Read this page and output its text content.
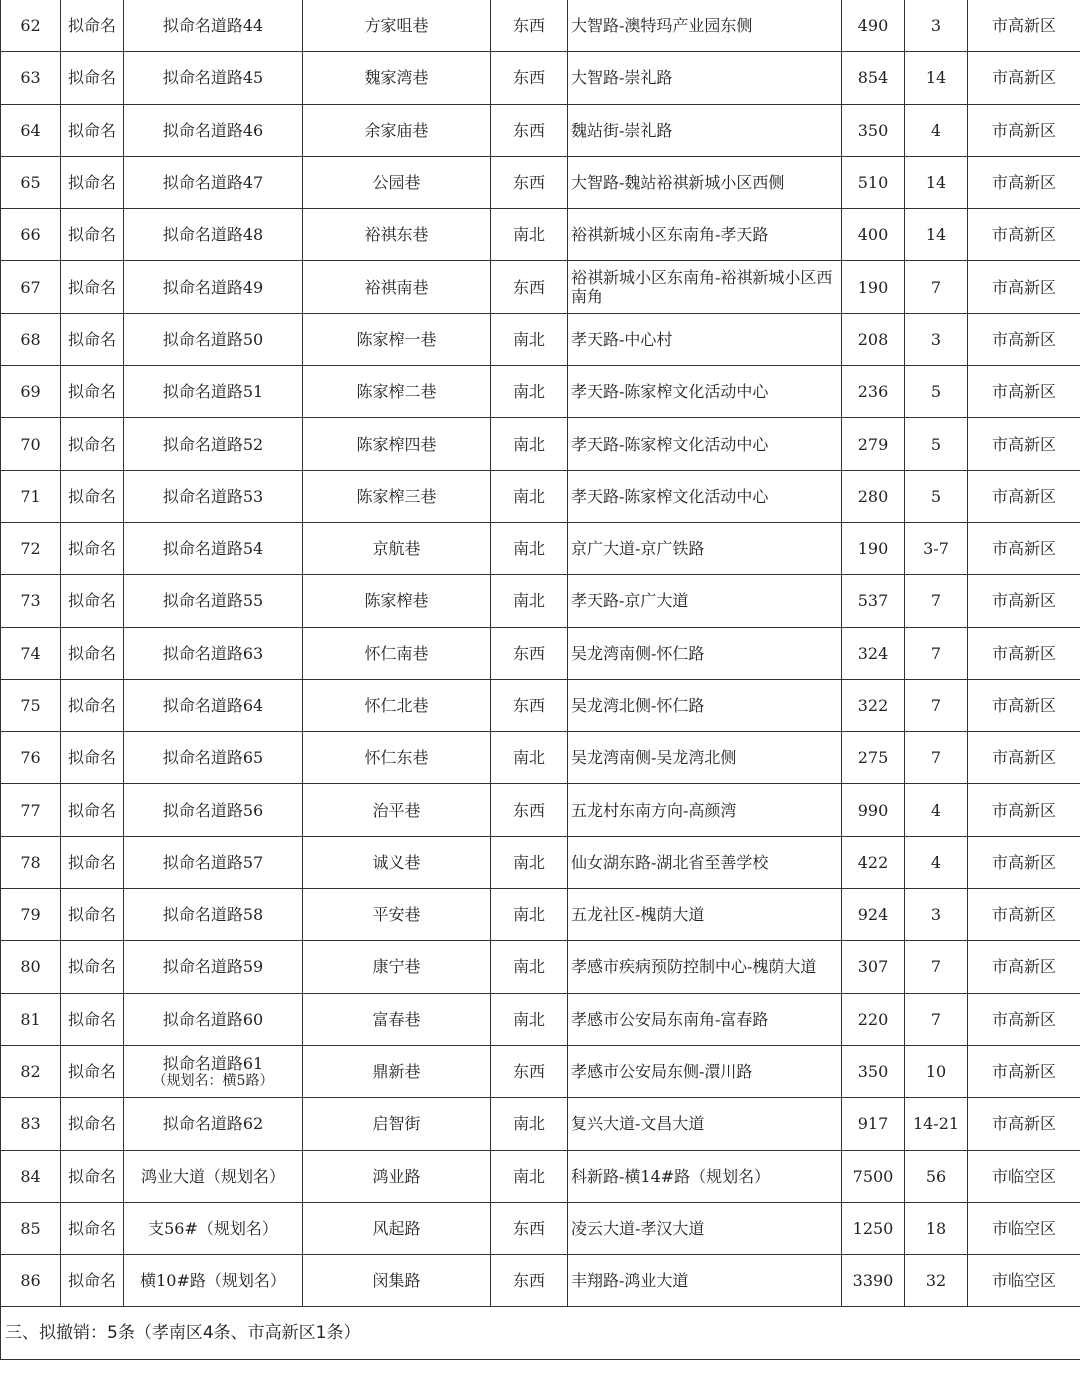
62	拟命名	拟命名道路44	方家咀巷	东西	大智路-澳特玛产业园东侧	490	3	市高新区
63	拟命名	拟命名道路45	魏家湾巷	东西	大智路-崇礼路	854	14	市高新区
64	拟命名	拟命名道路46	余家庙巷	东西	魏站街-崇礼路	350	4	市高新区
65	拟命名	拟命名道路47	公园巷	东西	大智路-魏站裕祺新城小区西侧	510	14	市高新区
66	拟命名	拟命名道路48	裕祺东巷	南北	裕祺新城小区东南角-孝天路	400	14	市高新区
67	拟命名	拟命名道路49	裕祺南巷	东西	裕祺新城小区东南角-裕祺新城小区西南角	190	7	市高新区
68	拟命名	拟命名道路50	陈家榨一巷	南北	孝天路-中心村	208	3	市高新区
69	拟命名	拟命名道路51	陈家榨二巷	南北	孝天路-陈家榨文化活动中心	236	5	市高新区
70	拟命名	拟命名道路52	陈家榨四巷	南北	孝天路-陈家榨文化活动中心	279	5	市高新区
71	拟命名	拟命名道路53	陈家榨三巷	南北	孝天路-陈家榨文化活动中心	280	5	市高新区
72	拟命名	拟命名道路54	京航巷	南北	京广大道-京广铁路	190	3-7	市高新区
73	拟命名	拟命名道路55	陈家榨巷	南北	孝天路-京广大道	537	7	市高新区
74	拟命名	拟命名道路63	怀仁南巷	东西	吴龙湾南侧-怀仁路	324	7	市高新区
75	拟命名	拟命名道路64	怀仁北巷	东西	吴龙湾北侧-怀仁路	322	7	市高新区
76	拟命名	拟命名道路65	怀仁东巷	南北	吴龙湾南侧-吴龙湾北侧	275	7	市高新区
77	拟命名	拟命名道路56	治平巷	东西	五龙村东南方向-高颜湾	990	4	市高新区
78	拟命名	拟命名道路57	诚义巷	南北	仙女湖东路-湖北省至善学校	422	4	市高新区
79	拟命名	拟命名道路58	平安巷	南北	五龙社区-槐荫大道	924	3	市高新区
80	拟命名	拟命名道路59	康宁巷	南北	孝感市疾病预防控制中心-槐荫大道	307	7	市高新区
81	拟命名	拟命名道路60	富春巷	南北	孝感市公安局东南角-富春路	220	7	市高新区
82	拟命名	拟命名道路61
（规划名：横5路）	鼎新巷	东西	孝感市公安局东侧-澴川路	350	10	市高新区
83	拟命名	拟命名道路62	启智街	南北	复兴大道-文昌大道	917	14-21	市高新区
84	拟命名	鸿业大道（规划名）	鸿业路	南北	科新路-横14#路（规划名）	7500	56	市临空区
85	拟命名	支56#（规划名）	风起路	东西	凌云大道-孝汉大道	1250	18	市临空区
86	拟命名	横10#路（规划名）	闵集路	东西	丰翔路-鸿业大道	3390	32	市临空区
三、拟撤销：5条（孝南区4条、市高新区1条）								
